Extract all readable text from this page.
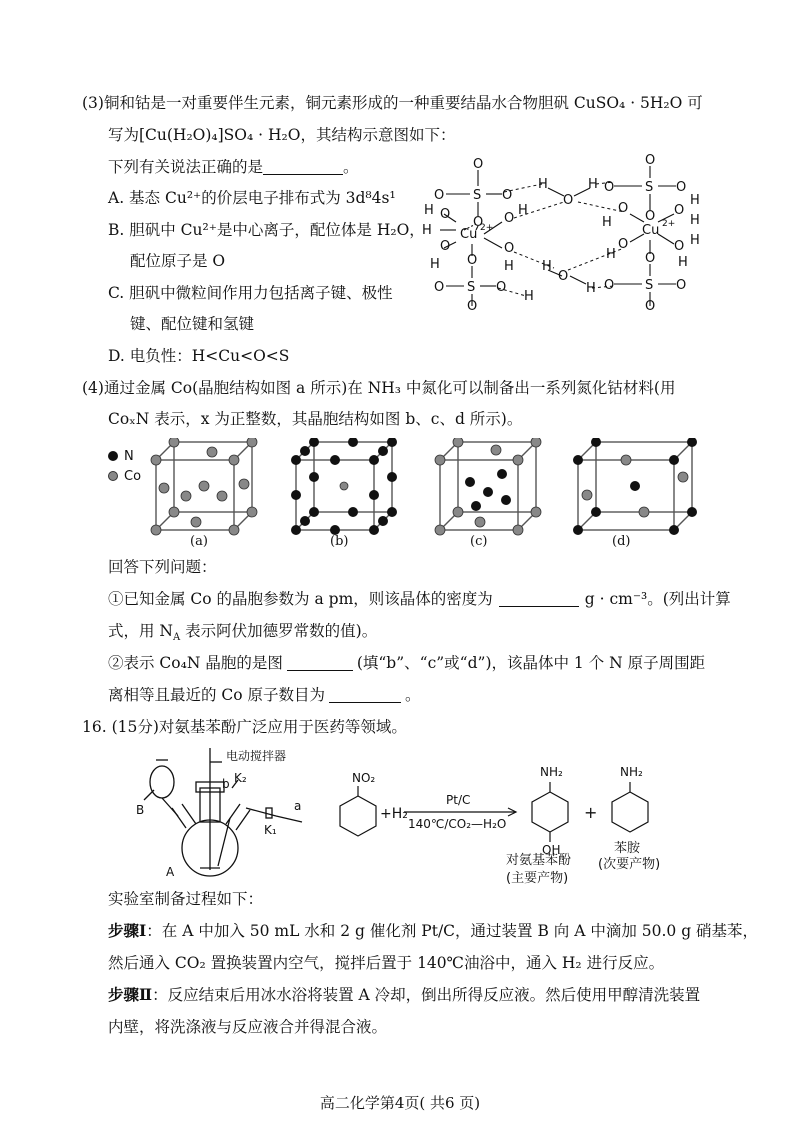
(3)铜和钴是一对重要伴生元素，铜元素形成的一种重要结晶水合物胆矾 CuSO₄ · 5H₂O 可
写为[Cu(H₂O)₄]SO₄ · H₂O，其结构示意图如下：
下列有关说法正确的是	。
A. 基态 Cu²⁺的价层电子排布式为 3d⁸4s¹
B. 胆矾中 Cu²⁺是中心离子，配位体是 H₂O，
配位原子是 O
C. 胆矾中微粒间作用力包括离子键、极性
键、配位键和氢键
D. 电负性：H<Cu<O<S
O
S
O	O
O
Cu 2+
H O
H
O
H
O
H
O
H
O
S
O	O
O
H
O
H
H
O
H
H
O
S
O	O
O
Cu 2+
O
H
O
H
O
H
H
O H
H
O
S
O	O
O
(4)通过金属 Co(晶胞结构如图 a 所示)在 NH₃ 中氮化可以制备出一系列氮化钴材料(用
CoₓN 表示，x 为正整数，其晶胞结构如图 b、c、d 所示)。
N
Co
(a)	(b)	(c)	(d)
回答下列问题：
①已知金属 Co 的晶胞参数为 a pm，则该晶体的密度为	g · cm⁻³。(列出计算
式，用 $N_A$ 表示阿伏加德罗常数的值)。
②表示 Co₄N 晶胞的是图	(填“b”、“c”或“d”)，该晶体中 1 个 N 原子周围距
离相等且最近的 Co 原子数目为	。
16. (15分)对氨基苯酚广泛应用于医药等领域。
电动搅拌器
b K₂
a
K₁
B
A
NO₂
+H₂
Pt/C
140℃/CO₂—H₂O
NH₂
OH
+
NH₂
对氨基苯酚
(主要产物)
苯胺
(次要产物)
实验室制备过程如下：
步骤Ⅰ：在 A 中加入 50 mL 水和 2 g 催化剂 Pt/C，通过装置 B 向 A 中滴加 50.0 g 硝基苯，
然后通入 CO₂ 置换装置内空气，搅拌后置于 140℃油浴中，通入 H₂ 进行反应。
步骤Ⅱ：反应结束后用冰水浴将装置 A 冷却，倒出所得反应液。然后使用甲醇清洗装置
内壁，将洗涤液与反应液合并得混合液。
高二化学第4页( 共6 页)
